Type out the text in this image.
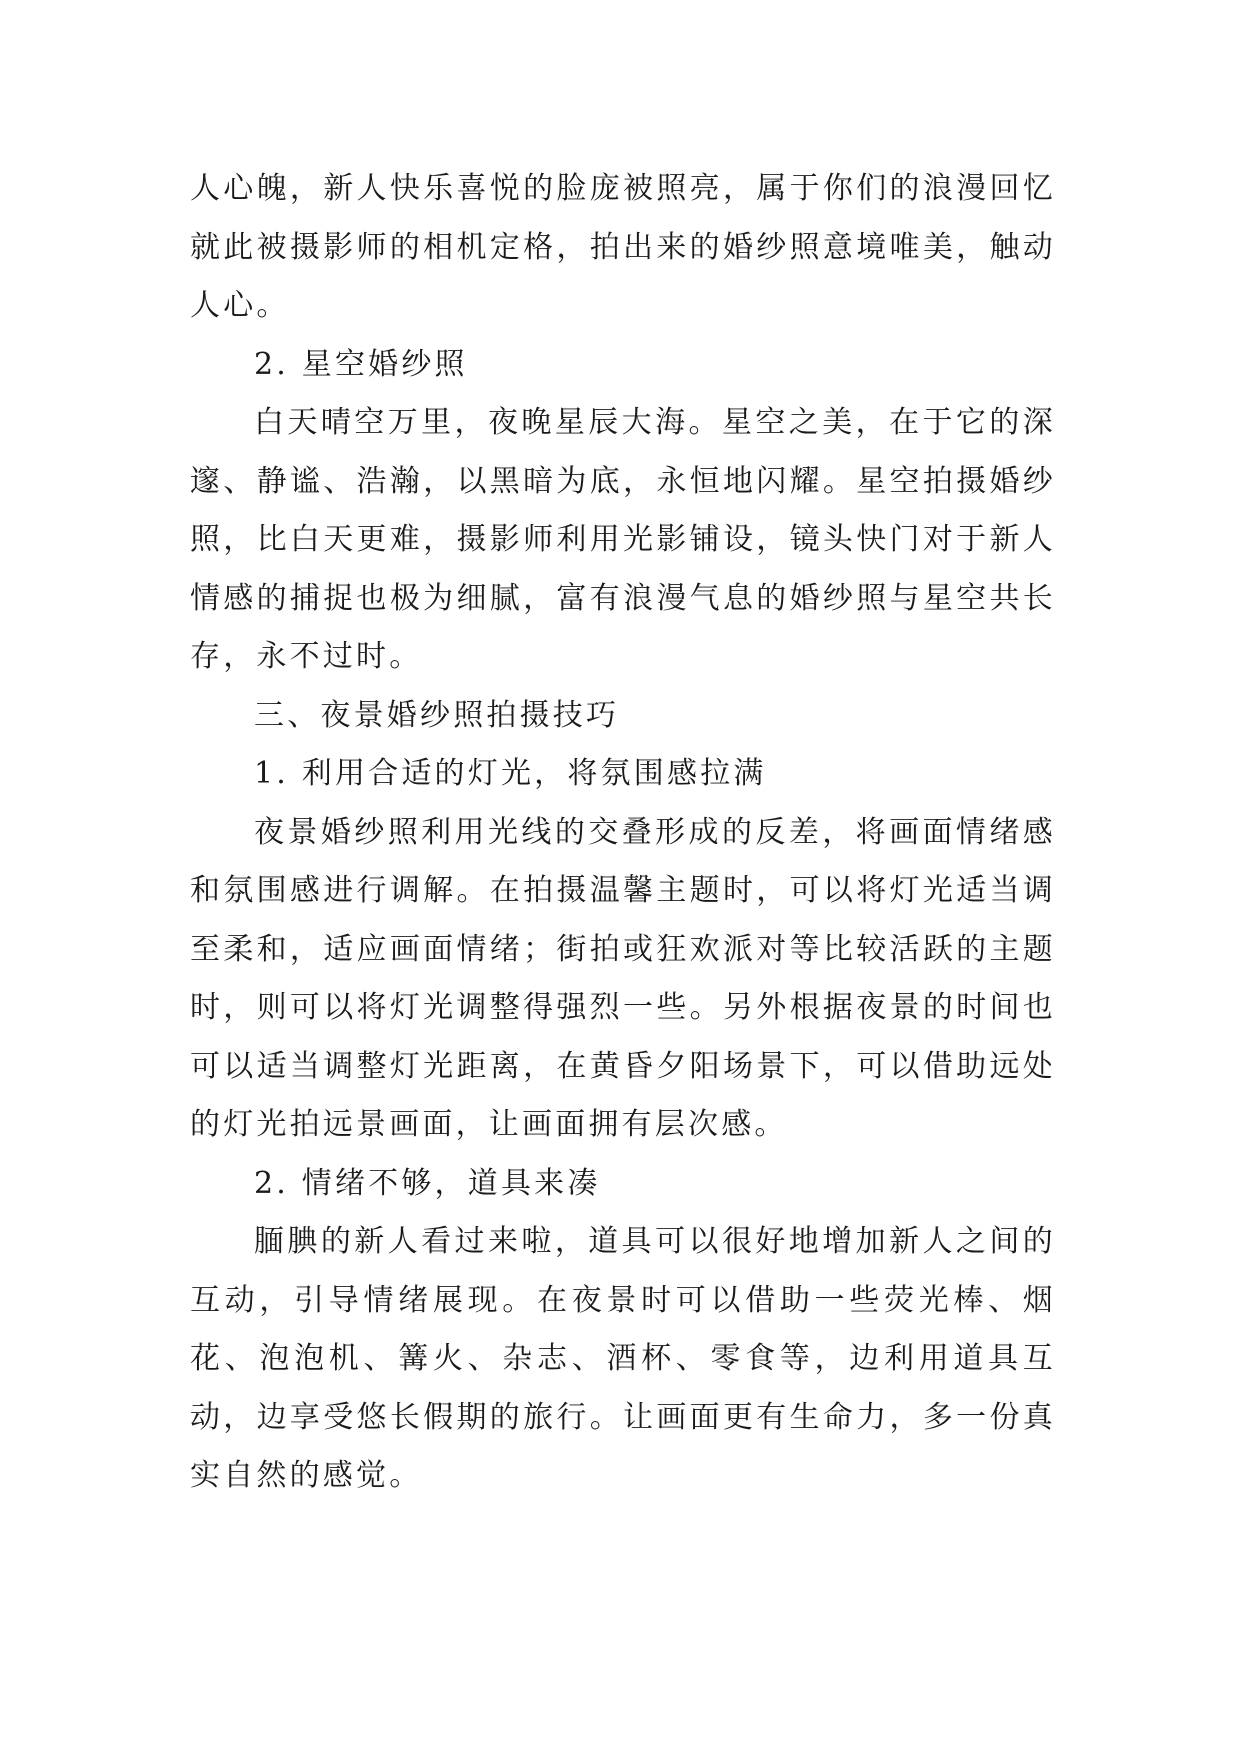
人心魄，新人快乐喜悦的脸庞被照亮，属于你们的浪漫回忆就此被摄影师的相机定格，拍出来的婚纱照意境唯美，触动人心。

2. 星空婚纱照

白天晴空万里，夜晚星辰大海。星空之美，在于它的深邃、静谧、浩瀚，以黑暗为底，永恒地闪耀。星空拍摄婚纱照，比白天更难，摄影师利用光影铺设，镜头快门对于新人情感的捕捉也极为细腻，富有浪漫气息的婚纱照与星空共长存，永不过时。

三、夜景婚纱照拍摄技巧

1. 利用合适的灯光，将氛围感拉满

夜景婚纱照利用光线的交叠形成的反差，将画面情绪感和氛围感进行调解。在拍摄温馨主题时，可以将灯光适当调至柔和，适应画面情绪；街拍或狂欢派对等比较活跃的主题时，则可以将灯光调整得强烈一些。另外根据夜景的时间也可以适当调整灯光距离，在黄昏夕阳场景下，可以借助远处的灯光拍远景画面，让画面拥有层次感。

2. 情绪不够，道具来凑

腼腆的新人看过来啦，道具可以很好地增加新人之间的互动，引导情绪展现。在夜景时可以借助一些荧光棒、烟花、泡泡机、篝火、杂志、酒杯、零食等，边利用道具互动，边享受悠长假期的旅行。让画面更有生命力，多一份真实自然的感觉。
